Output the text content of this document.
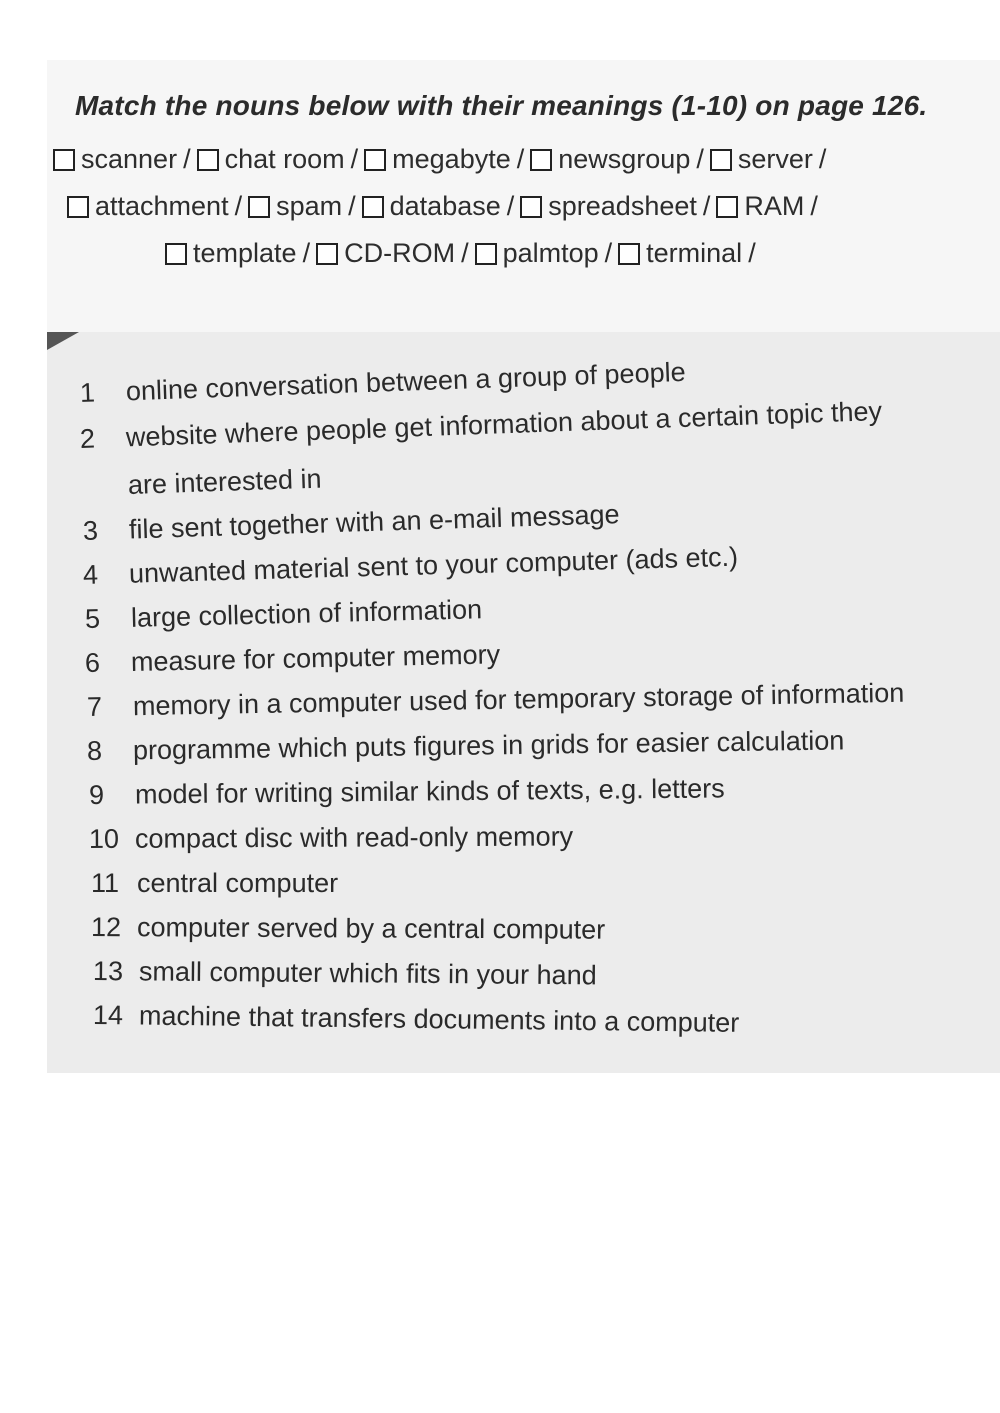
Match the nouns below with their meanings (1-10) on page 126.
scanner / chat room / megabyte / newsgroup / server /
attachment / spam / database / spreadsheet / RAM /
template / CD-ROM / palmtop / terminal /
1 online conversation between a group of people
2 website where people get information about a certain topic they
are interested in
3 file sent together with an e-mail message
4 unwanted material sent to your computer (ads etc.)
5 large collection of information
6 measure for computer memory
7 memory in a computer used for temporary storage of information
8 programme which puts figures in grids for easier calculation
9 model for writing similar kinds of texts, e.g. letters
10 compact disc with read-only memory
11 central computer
12 computer served by a central computer
13 small computer which fits in your hand
14 machine that transfers documents into a computer
